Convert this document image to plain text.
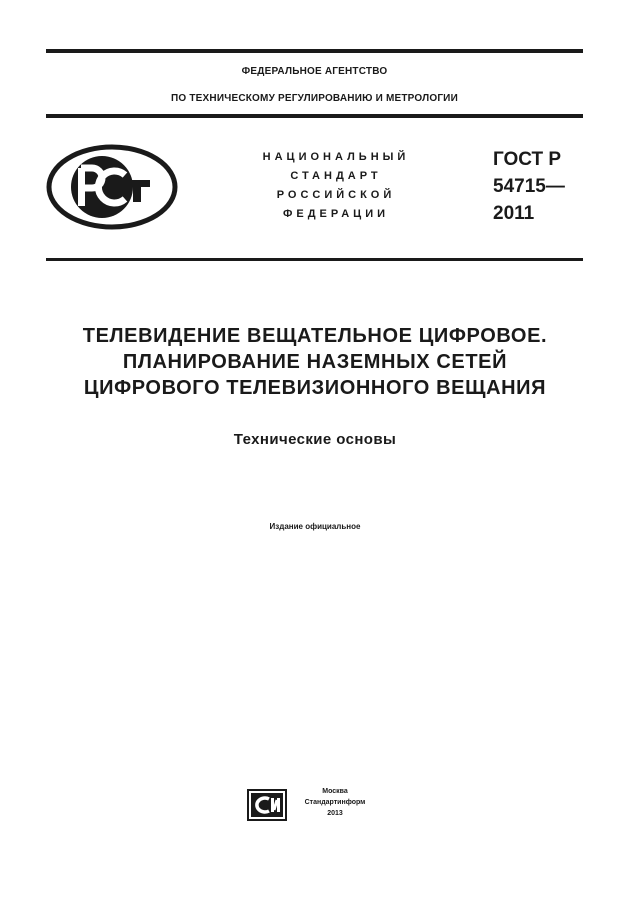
ФЕДЕРАЛЬНОЕ АГЕНТСТВО
ПО ТЕХНИЧЕСКОМУ РЕГУЛИРОВАНИЮ И МЕТРОЛОГИИ
НАЦИОНАЛЬНЫЙ
СТАНДАРТ
РОССИЙСКОЙ
ФЕДЕРАЦИИ
ГОСТ Р
54715—
2011
ТЕЛЕВИДЕНИЕ ВЕЩАТЕЛЬНОЕ ЦИФРОВОЕ.
ПЛАНИРОВАНИЕ НАЗЕМНЫХ СЕТЕЙ
ЦИФРОВОГО ТЕЛЕВИЗИОННОГО ВЕЩАНИЯ
Технические основы
Издание официальное
Москва
Стандартинформ
2013
